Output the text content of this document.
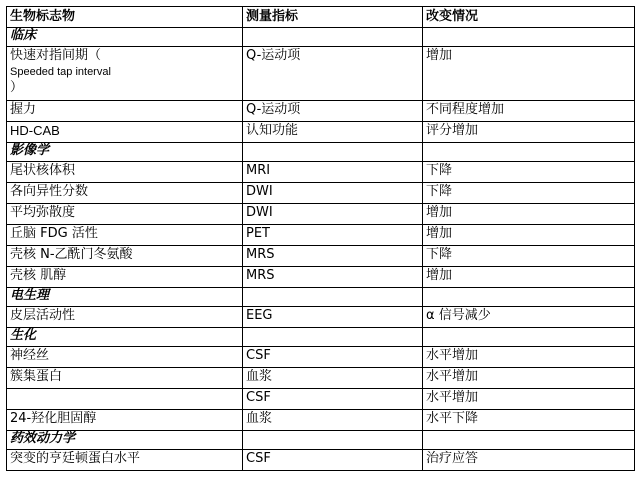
生物标志物	测量指标	改变情况
临床		

快速对指间期（
Speeded tap interval
）	Q-运动项	增加

握力	Q-运动项	不同程度增加

HD-CAB	认知功能	评分增加
影像学		

尾状核体积	MRI	下降

各向异性分数	DWI	下降

平均弥散度	DWI	增加

丘脑 FDG 活性	PET	增加

壳核 N-乙酰门冬氨酸	MRS	下降

壳核 肌醇	MRS	增加
电生理		

皮层活动性	EEG	α 信号减少
生化		

神经丝	CSF	水平增加

簇集蛋白	血浆	水平增加

	CSF	水平增加

24-羟化胆固醇	血浆	水平下降
药效动力学		

突变的亨廷顿蛋白水平	CSF	治疗应答
